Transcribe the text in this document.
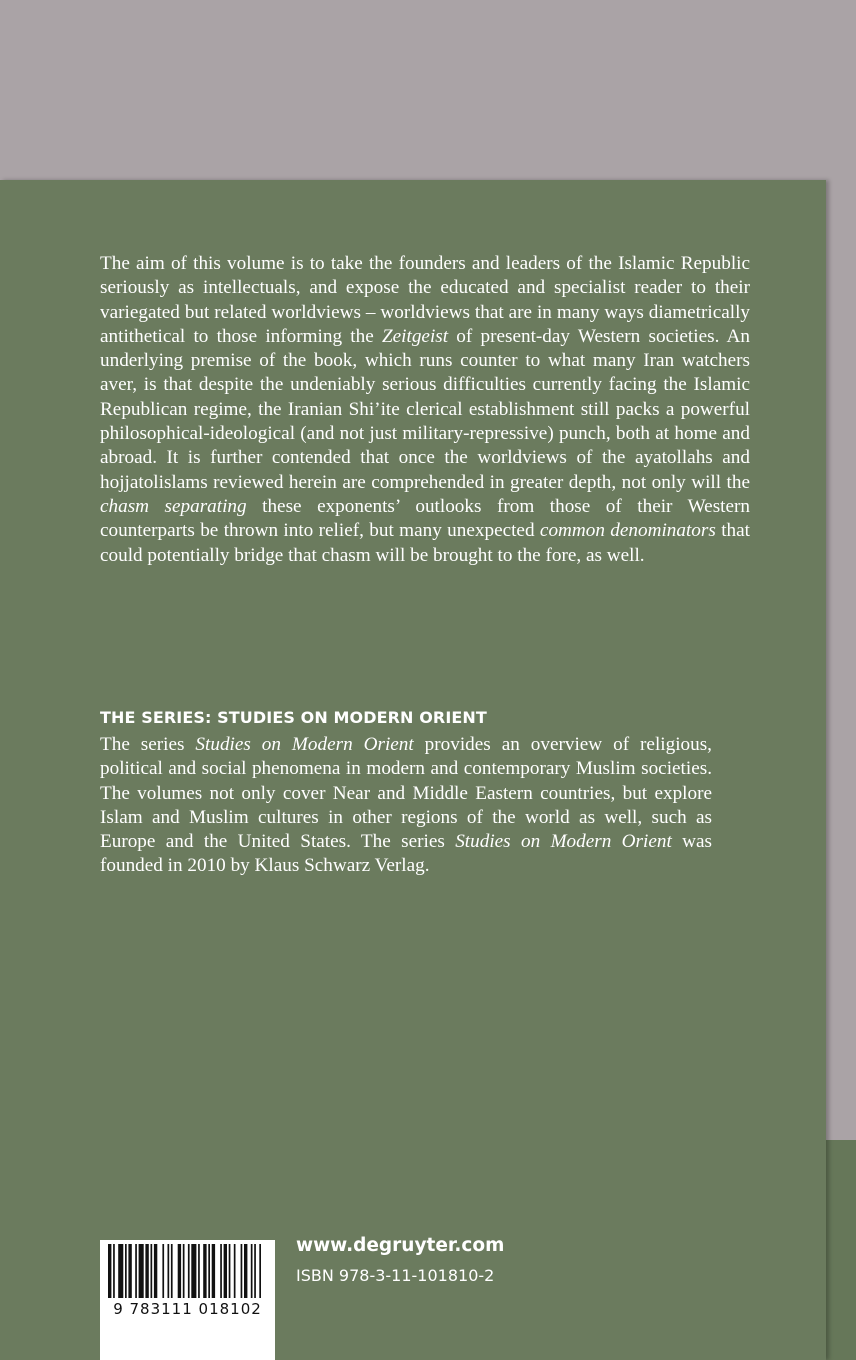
The aim of this volume is to take the founders and leaders of the Islamic Republic seriously as intellectuals, and expose the educated and specialist reader to their variegated but related worldviews – worldviews that are in many ways diametrically antithetical to those informing the Zeitgeist of present-day Western societies. An underlying premise of the book, which runs counter to what many Iran watchers aver, is that despite the undeniably serious difficulties currently facing the Islamic Republican regime, the Iranian Shi’ite clerical establishment still packs a powerful philosophical-ideological (and not just military-repressive) punch, both at home and abroad. It is further contended that once the worldviews of the ayatollahs and hojjatolislams reviewed herein are comprehended in greater depth, not only will the chasm separating these exponents’ outlooks from those of their Western counterparts be thrown into relief, but many unexpected common denominators that could potentially bridge that chasm will be brought to the fore, as well.

THE SERIES: STUDIES ON MODERN ORIENT

The series Studies on Modern Orient provides an overview of religious, political and social phenomena in modern and contemporary Muslim societies. The volumes not only cover Near and Middle Eastern countries, but explore Islam and Muslim cultures in other regions of the world as well, such as Europe and the United States. The series Studies on Modern Orient was founded in 2010 by Klaus Schwarz Verlag.

9 783111 018102

www.degruyter.com

ISBN 978-3-11-101810-2
